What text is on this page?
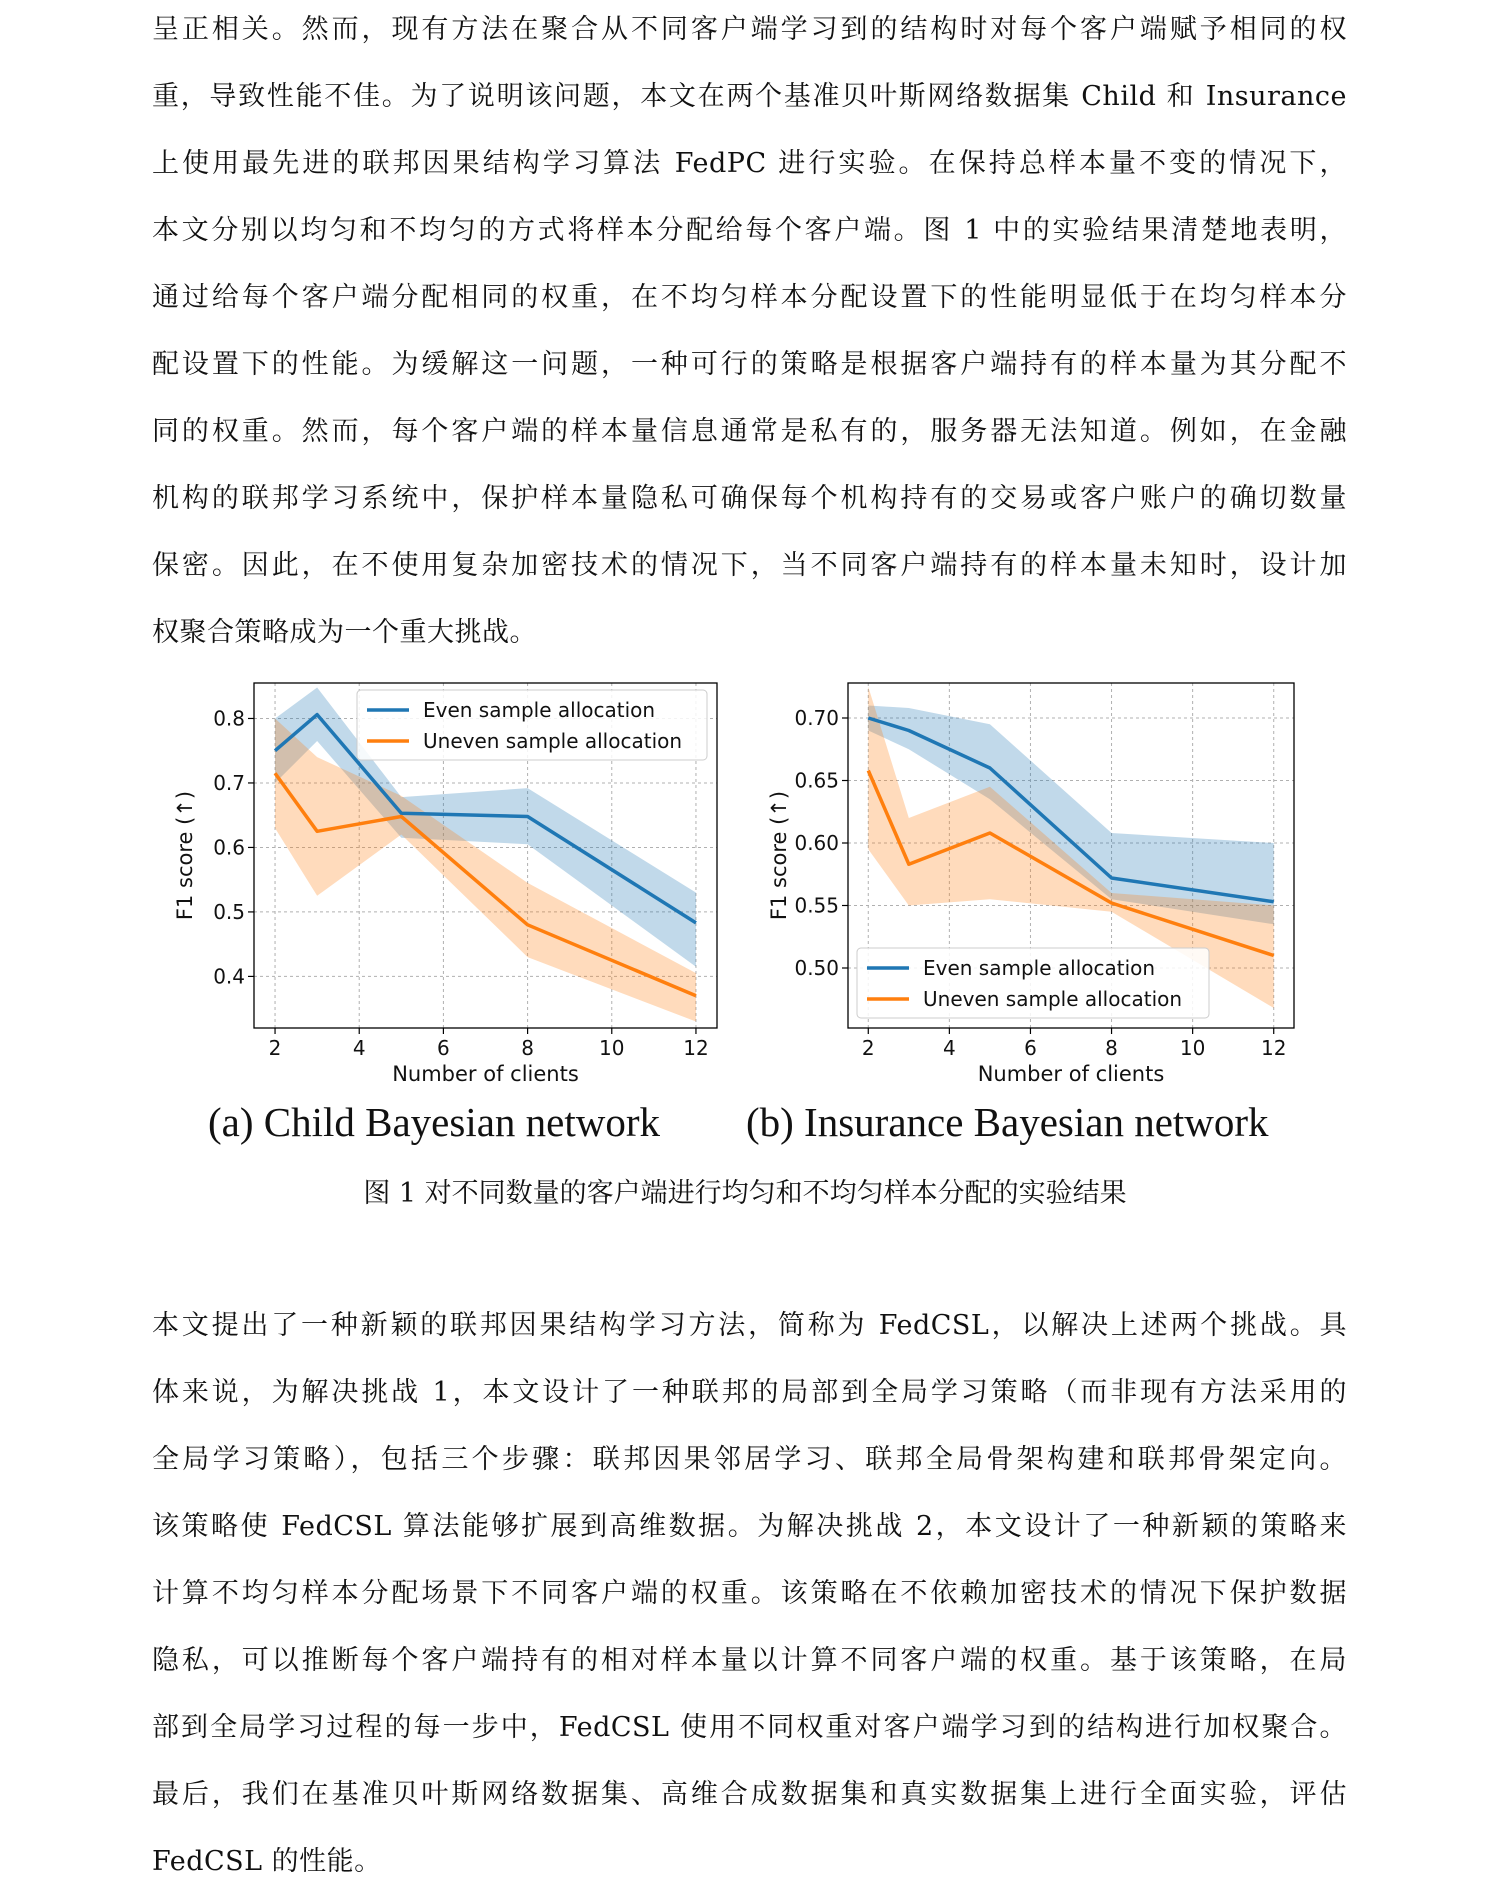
呈正相关。然而，现有方法在聚合从不同客户端学习到的结构时对每个客户端赋予相同的权
重，导致性能不佳。为了说明该问题，本文在两个基准贝叶斯网络数据集 Child 和 Insurance
上使用最先进的联邦因果结构学习算法 FedPC 进行实验。在保持总样本量不变的情况下，
本文分别以均匀和不均匀的方式将样本分配给每个客户端。图 1 中的实验结果清楚地表明，
通过给每个客户端分配相同的权重，在不均匀样本分配设置下的性能明显低于在均匀样本分
配设置下的性能。为缓解这一问题，一种可行的策略是根据客户端持有的样本量为其分配不
同的权重。然而，每个客户端的样本量信息通常是私有的，服务器无法知道。例如，在金融
机构的联邦学习系统中，保护样本量隐私可确保每个机构持有的交易或客户账户的确切数量
保密。因此，在不使用复杂加密技术的情况下，当不同客户端持有的样本量未知时，设计加
权聚合策略成为一个重大挑战。
2	4	6	8	10	12
0.4
0.5
0.6
0.7
0.8
Number of clients
F1 score (↑)
Even sample allocation
Uneven sample allocation
2	4	6	8	10	12
0.50
0.55
0.60
0.65
0.70
Number of clients
F1 score (↑)
Even sample allocation
Uneven sample allocation
(a) Child Bayesian network (b) Insurance Bayesian network
图 1 对不同数量的客户端进行均匀和不均匀样本分配的实验结果
本文提出了一种新颖的联邦因果结构学习方法，简称为 FedCSL，以解决上述两个挑战。具
体来说，为解决挑战 1，本文设计了一种联邦的局部到全局学习策略（而非现有方法采用的
全局学习策略），包括三个步骤：联邦因果邻居学习、联邦全局骨架构建和联邦骨架定向。
该策略使 FedCSL 算法能够扩展到高维数据。为解决挑战 2，本文设计了一种新颖的策略来
计算不均匀样本分配场景下不同客户端的权重。该策略在不依赖加密技术的情况下保护数据
隐私，可以推断每个客户端持有的相对样本量以计算不同客户端的权重。基于该策略，在局
部到全局学习过程的每一步中，FedCSL 使用不同权重对客户端学习到的结构进行加权聚合。
最后，我们在基准贝叶斯网络数据集、高维合成数据集和真实数据集上进行全面实验，评估
FedCSL 的性能。
